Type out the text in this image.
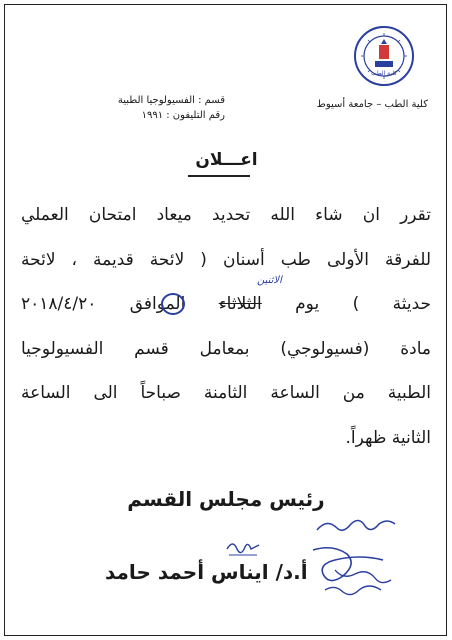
كلية الطب – جامعة أسيوط
كلية الطب
قسم : الفسيولوجيا الطبية
رقم التليفون : ١٩٩١
اعـــلان
تقرر ان شاء الله تحديد ميعاد امتحان العملي
للفرقة الأولى طب أسنان ( لائحة قديمة ، لائحة
حديثة ) يوم الثلاثاء الموافق ٢٠١٨/٤/٢٠
مادة (فسيولوجي) بمعامل قسم الفسيولوجيا
الطبية من الساعة الثامنة صباحاً الى الساعة
الثانية ظهراً.
الاثنين
رئيس مجلس القسم
أ.د/ ايناس أحمد حامد
